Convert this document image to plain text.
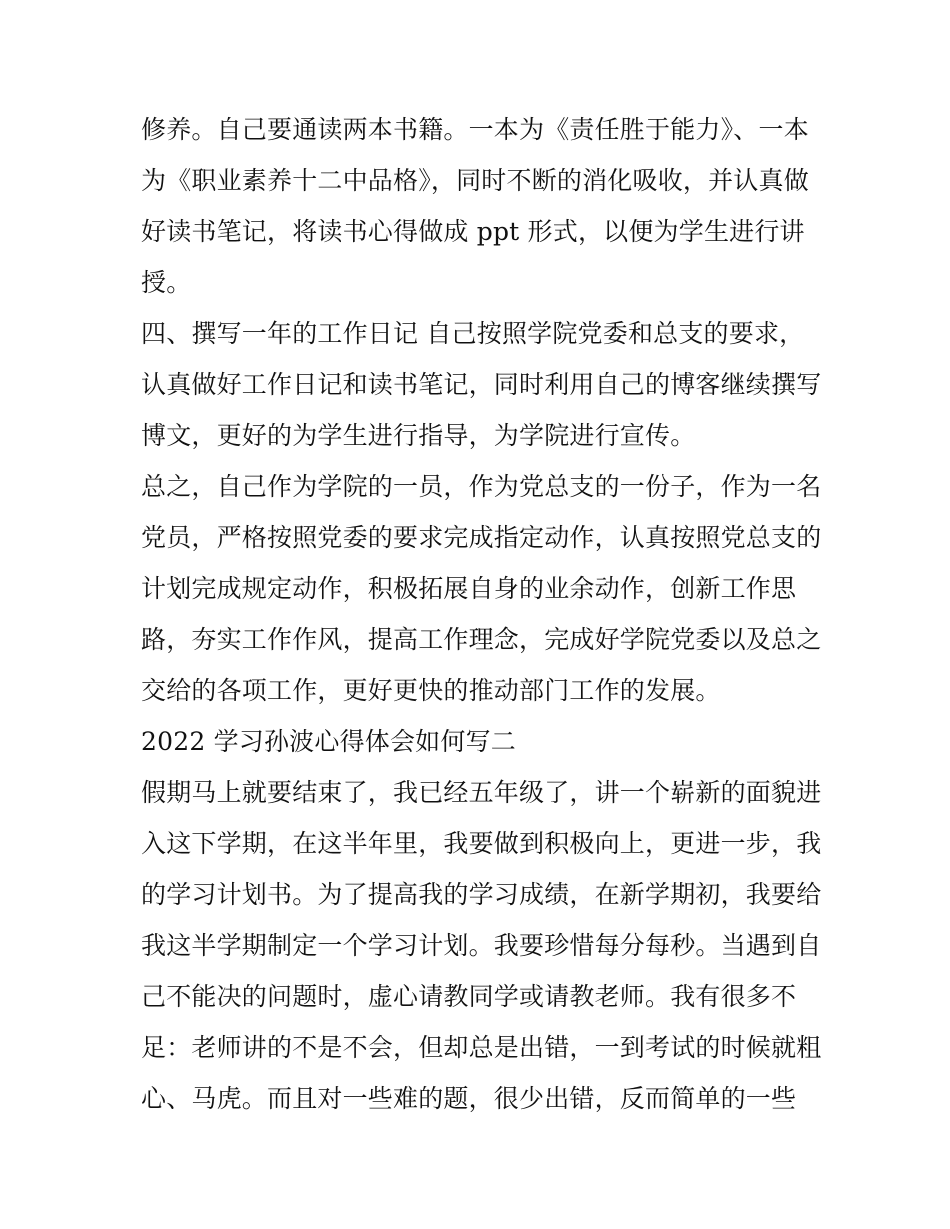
修养。自己要通读两本书籍。一本为《责任胜于能力》、一本
为《职业素养十二中品格》，同时不断的消化吸收，并认真做
好读书笔记，将读书心得做成 ppt 形式，以便为学生进行讲
授。
四、撰写一年的工作日记 自己按照学院党委和总支的要求，
认真做好工作日记和读书笔记，同时利用自己的博客继续撰写
博文，更好的为学生进行指导，为学院进行宣传。
总之，自己作为学院的一员，作为党总支的一份子，作为一名
党员，严格按照党委的要求完成指定动作，认真按照党总支的
计划完成规定动作，积极拓展自身的业余动作，创新工作思
路，夯实工作作风，提高工作理念，完成好学院党委以及总之
交给的各项工作，更好更快的推动部门工作的发展。
2022 学习孙波心得体会如何写二
假期马上就要结束了，我已经五年级了，讲一个崭新的面貌进
入这下学期，在这半年里，我要做到积极向上，更进一步，我
的学习计划书。为了提高我的学习成绩，在新学期初，我要给
我这半学期制定一个学习计划。我要珍惜每分每秒。当遇到自
己不能决的问题时，虚心请教同学或请教老师。我有很多不
足：老师讲的不是不会，但却总是出错，一到考试的时候就粗
心、马虎。而且对一些难的题，很少出错，反而简单的一些
